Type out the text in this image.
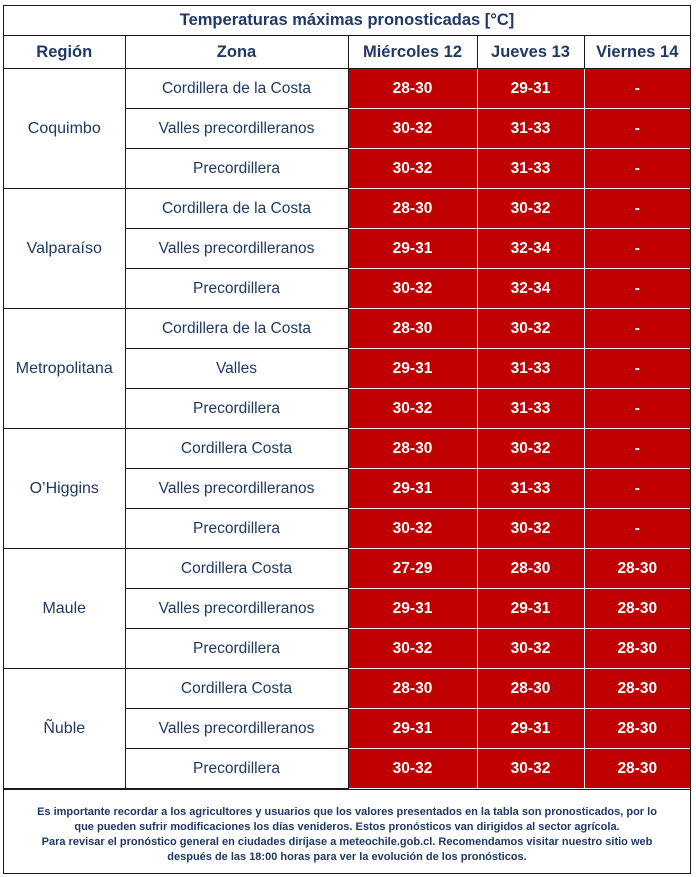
Temperaturas máximas pronosticadas [°C]				
Región	Zona	Miércoles 12	Jueves 13	Viernes 14
Coquimbo	Cordillera de la Costa	28-30	29-31	-
	Valles precordilleranos	30-32	31-33	-
	Precordillera	30-32	31-33	-
Valparaíso	Cordillera de la Costa	28-30	30-32	-
	Valles precordilleranos	29-31	32-34	-
	Precordillera	30-32	32-34	-
Metropolitana	Cordillera de la Costa	28-30	30-32	-
	Valles	29-31	31-33	-
	Precordillera	30-32	31-33	-
O’Higgins	Cordillera Costa	28-30	30-32	-
	Valles precordilleranos	29-31	31-33	-
	Precordillera	30-32	30-32	-
Maule	Cordillera Costa	27-29	28-30	28-30
	Valles precordilleranos	29-31	29-31	28-30
	Precordillera	30-32	30-32	28-30
Ñuble	Cordillera Costa	28-30	28-30	28-30
	Valles precordilleranos	29-31	29-31	28-30
	Precordillera	30-32	30-32	28-30
Es importante recordar a los agricultores y usuarios que los valores presentados en la tabla son pronosticados, por lo
que pueden sufrir modificaciones los días venideros. Estos pronósticos van dirigidos al sector agrícola.
Para revisar el pronóstico general en ciudades diríjase a meteochile.gob.cl. Recomendamos visitar nuestro sitio web
después de las 18:00 horas para ver la evolución de los pronósticos.
